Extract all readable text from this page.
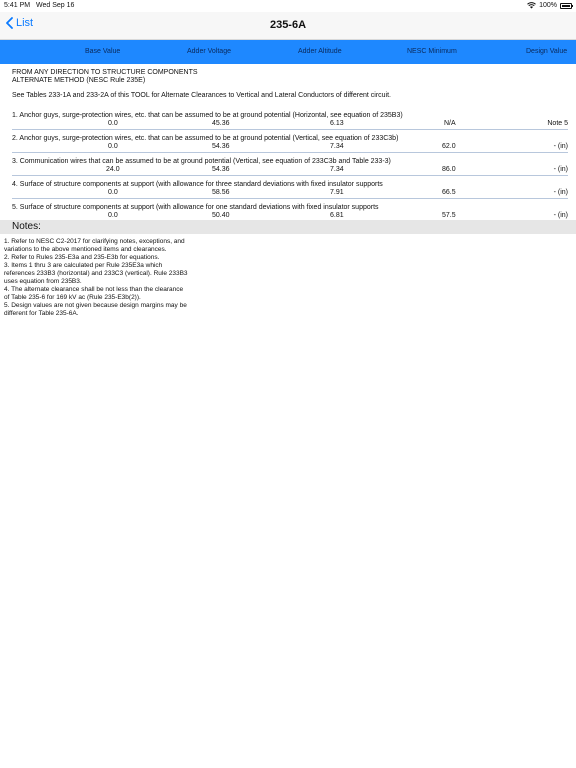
5:41 PM Wed Sep 16	100%
List	235-6A
Base Value	Adder Voltage	Adder Altitude	NESC Minimum	Design Value
FROM ANY DIRECTION TO STRUCTURE COMPONENTS
ALTERNATE METHOD (NESC Rule 235E)
See Tables 233-1A and 233-2A of this TOOL for Alternate Clearances to Vertical and Lateral Conductors of different circuit.
1. Anchor guys, surge-protection wires, etc. that can be assumed to be at ground potential (Horizontal, see equation of 235B3)
0.0	45.36	6.13	N/A	Note 5
2. Anchor guys, surge-protection wires, etc. that can be assumed to be at ground potential (Vertical, see equation of 233C3b)
0.0	54.36	7.34	62.0	- (in)
3. Communication wires that can be assumed to be at ground potential (Vertical, see equation of 233C3b and Table 233-3)
24.0	54.36	7.34	86.0	- (in)
4. Surface of structure components at support (with allowance for three standard deviations with fixed insulator supports
0.0	58.56	7.91	66.5	- (in)
5. Surface of structure components at support (with allowance for one standard deviations with fixed insulator supports
0.0	50.40	6.81	57.5	- (in)
Notes:
1. Refer to NESC C2-2017 for clarifying notes, exceptions, and
variations to the above mentioned items and clearances.
2. Refer to Rules 235-E3a and 235-E3b for equations.
3. Items 1 thru 3 are calculated per Rule 235E3a which
references 233B3 (horizontal) and 233C3 (vertical). Rule 233B3
uses equation from 235B3.
4. The alternate clearance shall be not less than the clearance
of Table 235-6 for 169 kV ac (Rule 235-E3b(2)).
5. Design values are not given because design margins may be
different for Table 235-6A.
